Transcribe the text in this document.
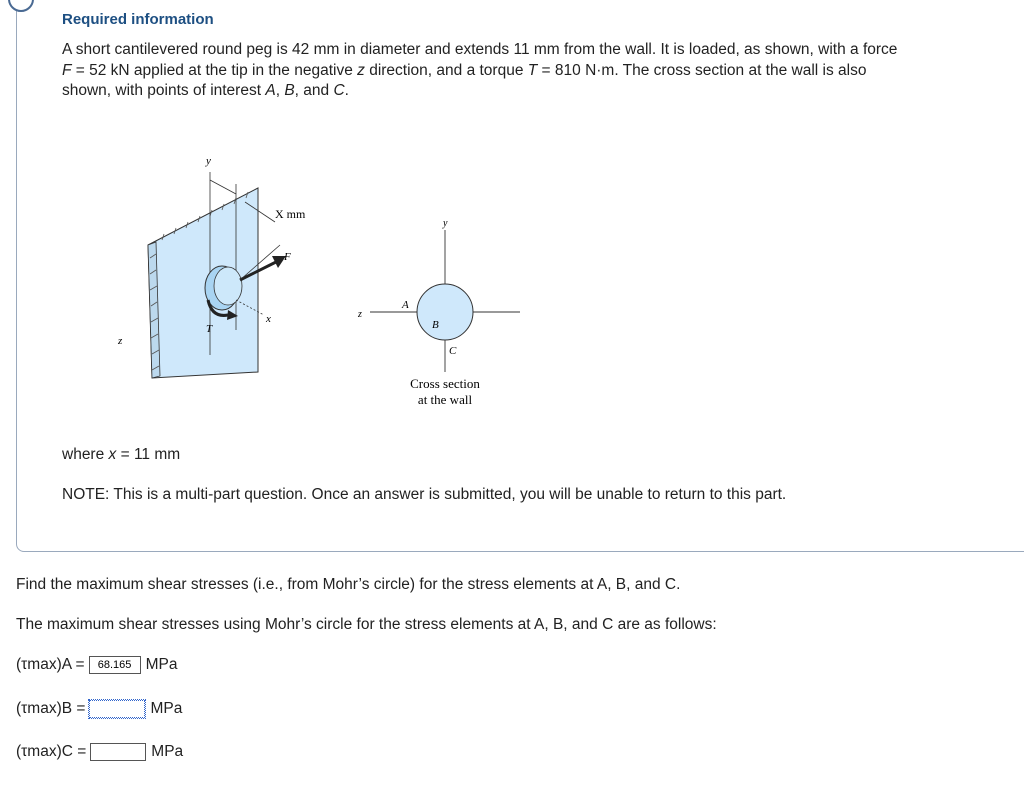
Required information
A short cantilevered round peg is 42 mm in diameter and extends 11 mm from the wall. It is loaded, as shown, with a force
F = 52 kN applied at the tip in the negative z direction, and a torque T = 810 N·m. The cross section at the wall is also
shown, with points of interest A, B, and C.
y
X mm
T
F
x
z
y
z
A
B
C
Cross section
at the wall
where x = 11 mm
NOTE: This is a multi-part question. Once an answer is submitted, you will be unable to return to this part.
Find the maximum shear stresses (i.e., from Mohr’s circle) for the stress elements at A, B, and C.
The maximum shear stresses using Mohr’s circle for the stress elements at A, B, and C are as follows:
(τmax)A =
68.165	MPa
(τmax)B =	MPa
(τmax)C =	MPa
